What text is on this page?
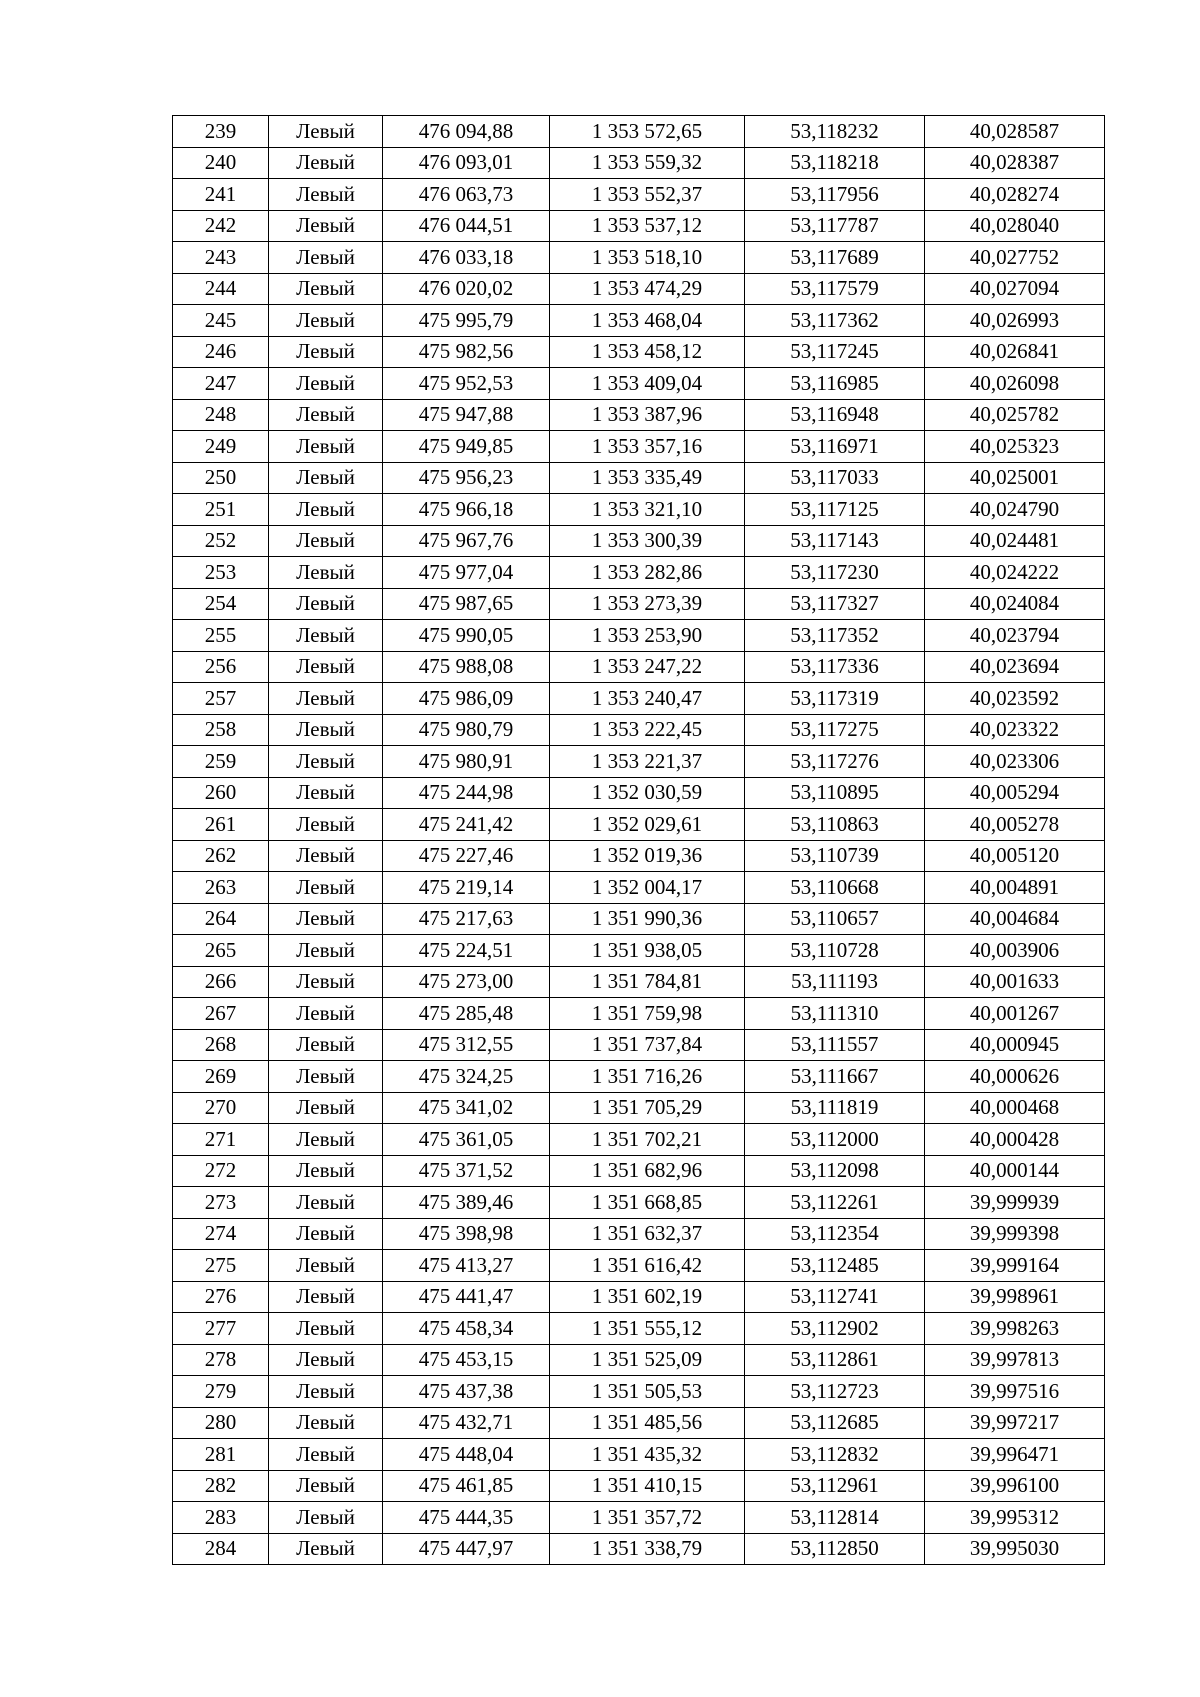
239	Левый	476 094,88	1 353 572,65	53,118232	40,028587
240	Левый	476 093,01	1 353 559,32	53,118218	40,028387
241	Левый	476 063,73	1 353 552,37	53,117956	40,028274
242	Левый	476 044,51	1 353 537,12	53,117787	40,028040
243	Левый	476 033,18	1 353 518,10	53,117689	40,027752
244	Левый	476 020,02	1 353 474,29	53,117579	40,027094
245	Левый	475 995,79	1 353 468,04	53,117362	40,026993
246	Левый	475 982,56	1 353 458,12	53,117245	40,026841
247	Левый	475 952,53	1 353 409,04	53,116985	40,026098
248	Левый	475 947,88	1 353 387,96	53,116948	40,025782
249	Левый	475 949,85	1 353 357,16	53,116971	40,025323
250	Левый	475 956,23	1 353 335,49	53,117033	40,025001
251	Левый	475 966,18	1 353 321,10	53,117125	40,024790
252	Левый	475 967,76	1 353 300,39	53,117143	40,024481
253	Левый	475 977,04	1 353 282,86	53,117230	40,024222
254	Левый	475 987,65	1 353 273,39	53,117327	40,024084
255	Левый	475 990,05	1 353 253,90	53,117352	40,023794
256	Левый	475 988,08	1 353 247,22	53,117336	40,023694
257	Левый	475 986,09	1 353 240,47	53,117319	40,023592
258	Левый	475 980,79	1 353 222,45	53,117275	40,023322
259	Левый	475 980,91	1 353 221,37	53,117276	40,023306
260	Левый	475 244,98	1 352 030,59	53,110895	40,005294
261	Левый	475 241,42	1 352 029,61	53,110863	40,005278
262	Левый	475 227,46	1 352 019,36	53,110739	40,005120
263	Левый	475 219,14	1 352 004,17	53,110668	40,004891
264	Левый	475 217,63	1 351 990,36	53,110657	40,004684
265	Левый	475 224,51	1 351 938,05	53,110728	40,003906
266	Левый	475 273,00	1 351 784,81	53,111193	40,001633
267	Левый	475 285,48	1 351 759,98	53,111310	40,001267
268	Левый	475 312,55	1 351 737,84	53,111557	40,000945
269	Левый	475 324,25	1 351 716,26	53,111667	40,000626
270	Левый	475 341,02	1 351 705,29	53,111819	40,000468
271	Левый	475 361,05	1 351 702,21	53,112000	40,000428
272	Левый	475 371,52	1 351 682,96	53,112098	40,000144
273	Левый	475 389,46	1 351 668,85	53,112261	39,999939
274	Левый	475 398,98	1 351 632,37	53,112354	39,999398
275	Левый	475 413,27	1 351 616,42	53,112485	39,999164
276	Левый	475 441,47	1 351 602,19	53,112741	39,998961
277	Левый	475 458,34	1 351 555,12	53,112902	39,998263
278	Левый	475 453,15	1 351 525,09	53,112861	39,997813
279	Левый	475 437,38	1 351 505,53	53,112723	39,997516
280	Левый	475 432,71	1 351 485,56	53,112685	39,997217
281	Левый	475 448,04	1 351 435,32	53,112832	39,996471
282	Левый	475 461,85	1 351 410,15	53,112961	39,996100
283	Левый	475 444,35	1 351 357,72	53,112814	39,995312
284	Левый	475 447,97	1 351 338,79	53,112850	39,995030
